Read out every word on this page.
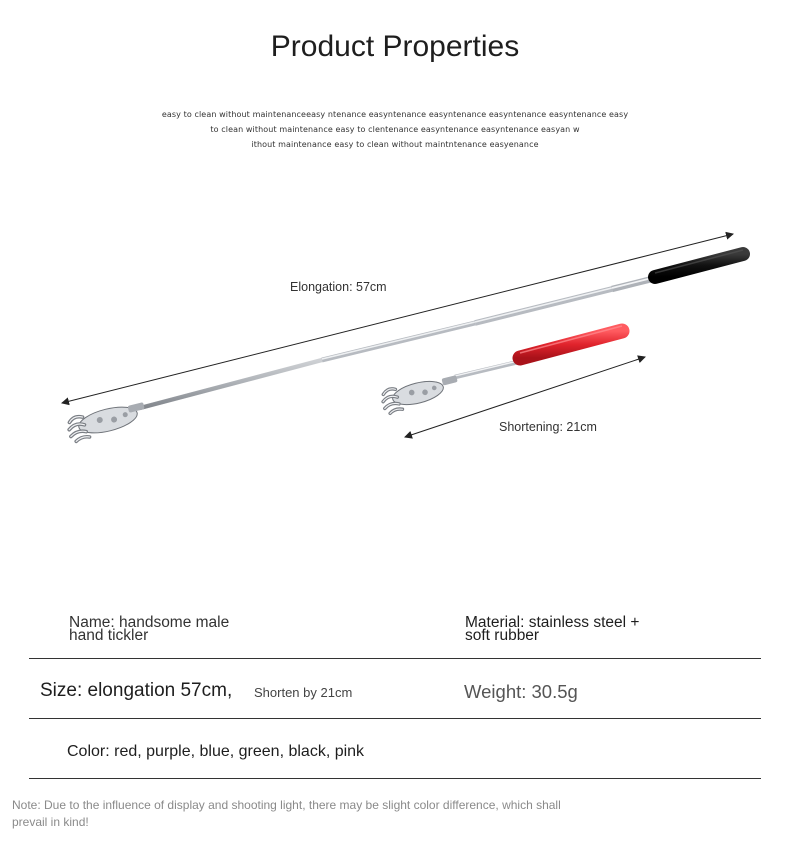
Product Properties
easy to clean without maintenanceeasy ntenance easyntenance easyntenance easyntenance easyntenance easy
to clean without maintenance easy to clentenance easyntenance easyntenance easyan w
ithout maintenance easy to clean without maintntenance easyenance
Elongation: 57cm
Shortening: 21cm
Name: handsome male
hand tickler
Material: stainless steel +
soft rubber
Size: elongation 57cm, Shorten by 21cm	Weight: 30.5g
Color: red, purple, blue, green, black, pink
Note: Due to the influence of display and shooting light, there may be slight color difference, which shall prevail in kind!
